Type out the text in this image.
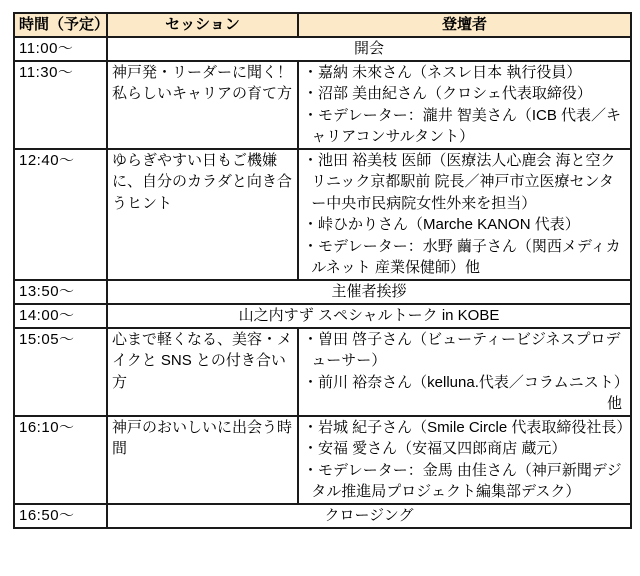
時間（予定）	セッション	登壇者
11:00～	開会	
11:30～	神戸発・リーダーに聞く！私らしいキャリアの育て方	・嘉納 未來さん（ネスレ日本 執行役員）
・沼部 美由紀さん（クロシェ代表取締役）
・モデレーター：瀧井 智美さん（ICB 代表／キャリアコンサルタント）

12:40～	ゆらぎやすい日もご機嫌に、自分のカラダと向き合うヒント	・池田 裕美枝 医師（医療法人心鹿会 海と空クリニック京都駅前 院長／神戸市立医療センター中央市民病院女性外来を担当）
・峠ひかりさん（Marche KANON 代表）
・モデレーター：水野 繭子さん（関西メディカルネット 産業保健師）他

13:50～	主催者挨拶	
14:00～	山之内すず スペシャルトーク in KOBE	
15:05～	心まで軽くなる、美容・メイクと SNS との付き合い方	・曽田 啓子さん（ビューティービジネスプロデューサー）
・前川 裕奈さん（kelluna.代表／コラムニスト）
他

16:10～	神戸のおいしいに出会う時間	・岩城 紀子さん（Smile Circle 代表取締役社長）
・安福 愛さん（安福又四郎商店 蔵元）
・モデレーター：金馬 由佳さん（神戸新聞デジタル推進局プロジェクト編集部デスク）

16:50～	クロージング	
